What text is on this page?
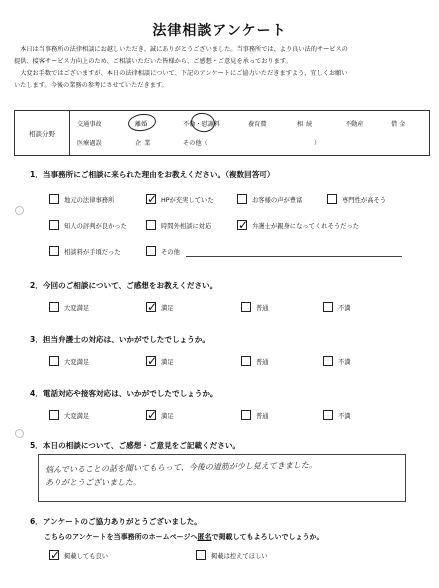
法律相談アンケート

本日は当事務所の法律相談にお越しいただき、誠にありがとうございました。当事務所では、より良い法的サービスの

提供、接客サービス力向上のため、ご相談いただいた皆様から、ご感想・ご意見を承っております。

大変お手数ではございますが、本日の法律相談について、下記のアンケートにご協力いただきますよう、宜しくお願い

いたします。今後の業務の参考にさせていただきます。

相談分野
交通事故	離婚	不倫・慰謝料	養育費	相続	不動産	借金
医療過誤	企業	その他（	）
1．当事務所にご相談に来られた理由をお教えください。（複数回答可）
地元の法律事務所	✓ HPが充実していた	お客様の声が豊富	専門性が高そう
知人の評判が良かった	時間外相談に対応 ✓ 弁護士が親身になってくれそうだった
相談料が手頃だった	その他
2．今回のご相談について、ご感想をお教えください。
大変満足	✓ 満足	普通	不満
3．担当弁護士の対応は、いかがでしたでしょうか。
大変満足	✓ 満足	普通	不満
4．電話対応や接客対応は、いかがでしたでしょうか。
大変満足	✓ 満足	普通	不満
5．本日の相談について、ご感想・ご意見をご記載ください。
悩んでいることの話を聞いてもらって、今後の道筋が少し見えてきました。
ありがとうございました。
6．アンケートのご協力ありがとうございました。
こちらのアンケートを当事務所のホームページへ匿名で掲載してもよろしいでしょうか。
✓ 掲載しても良い	掲載は控えてほしい
